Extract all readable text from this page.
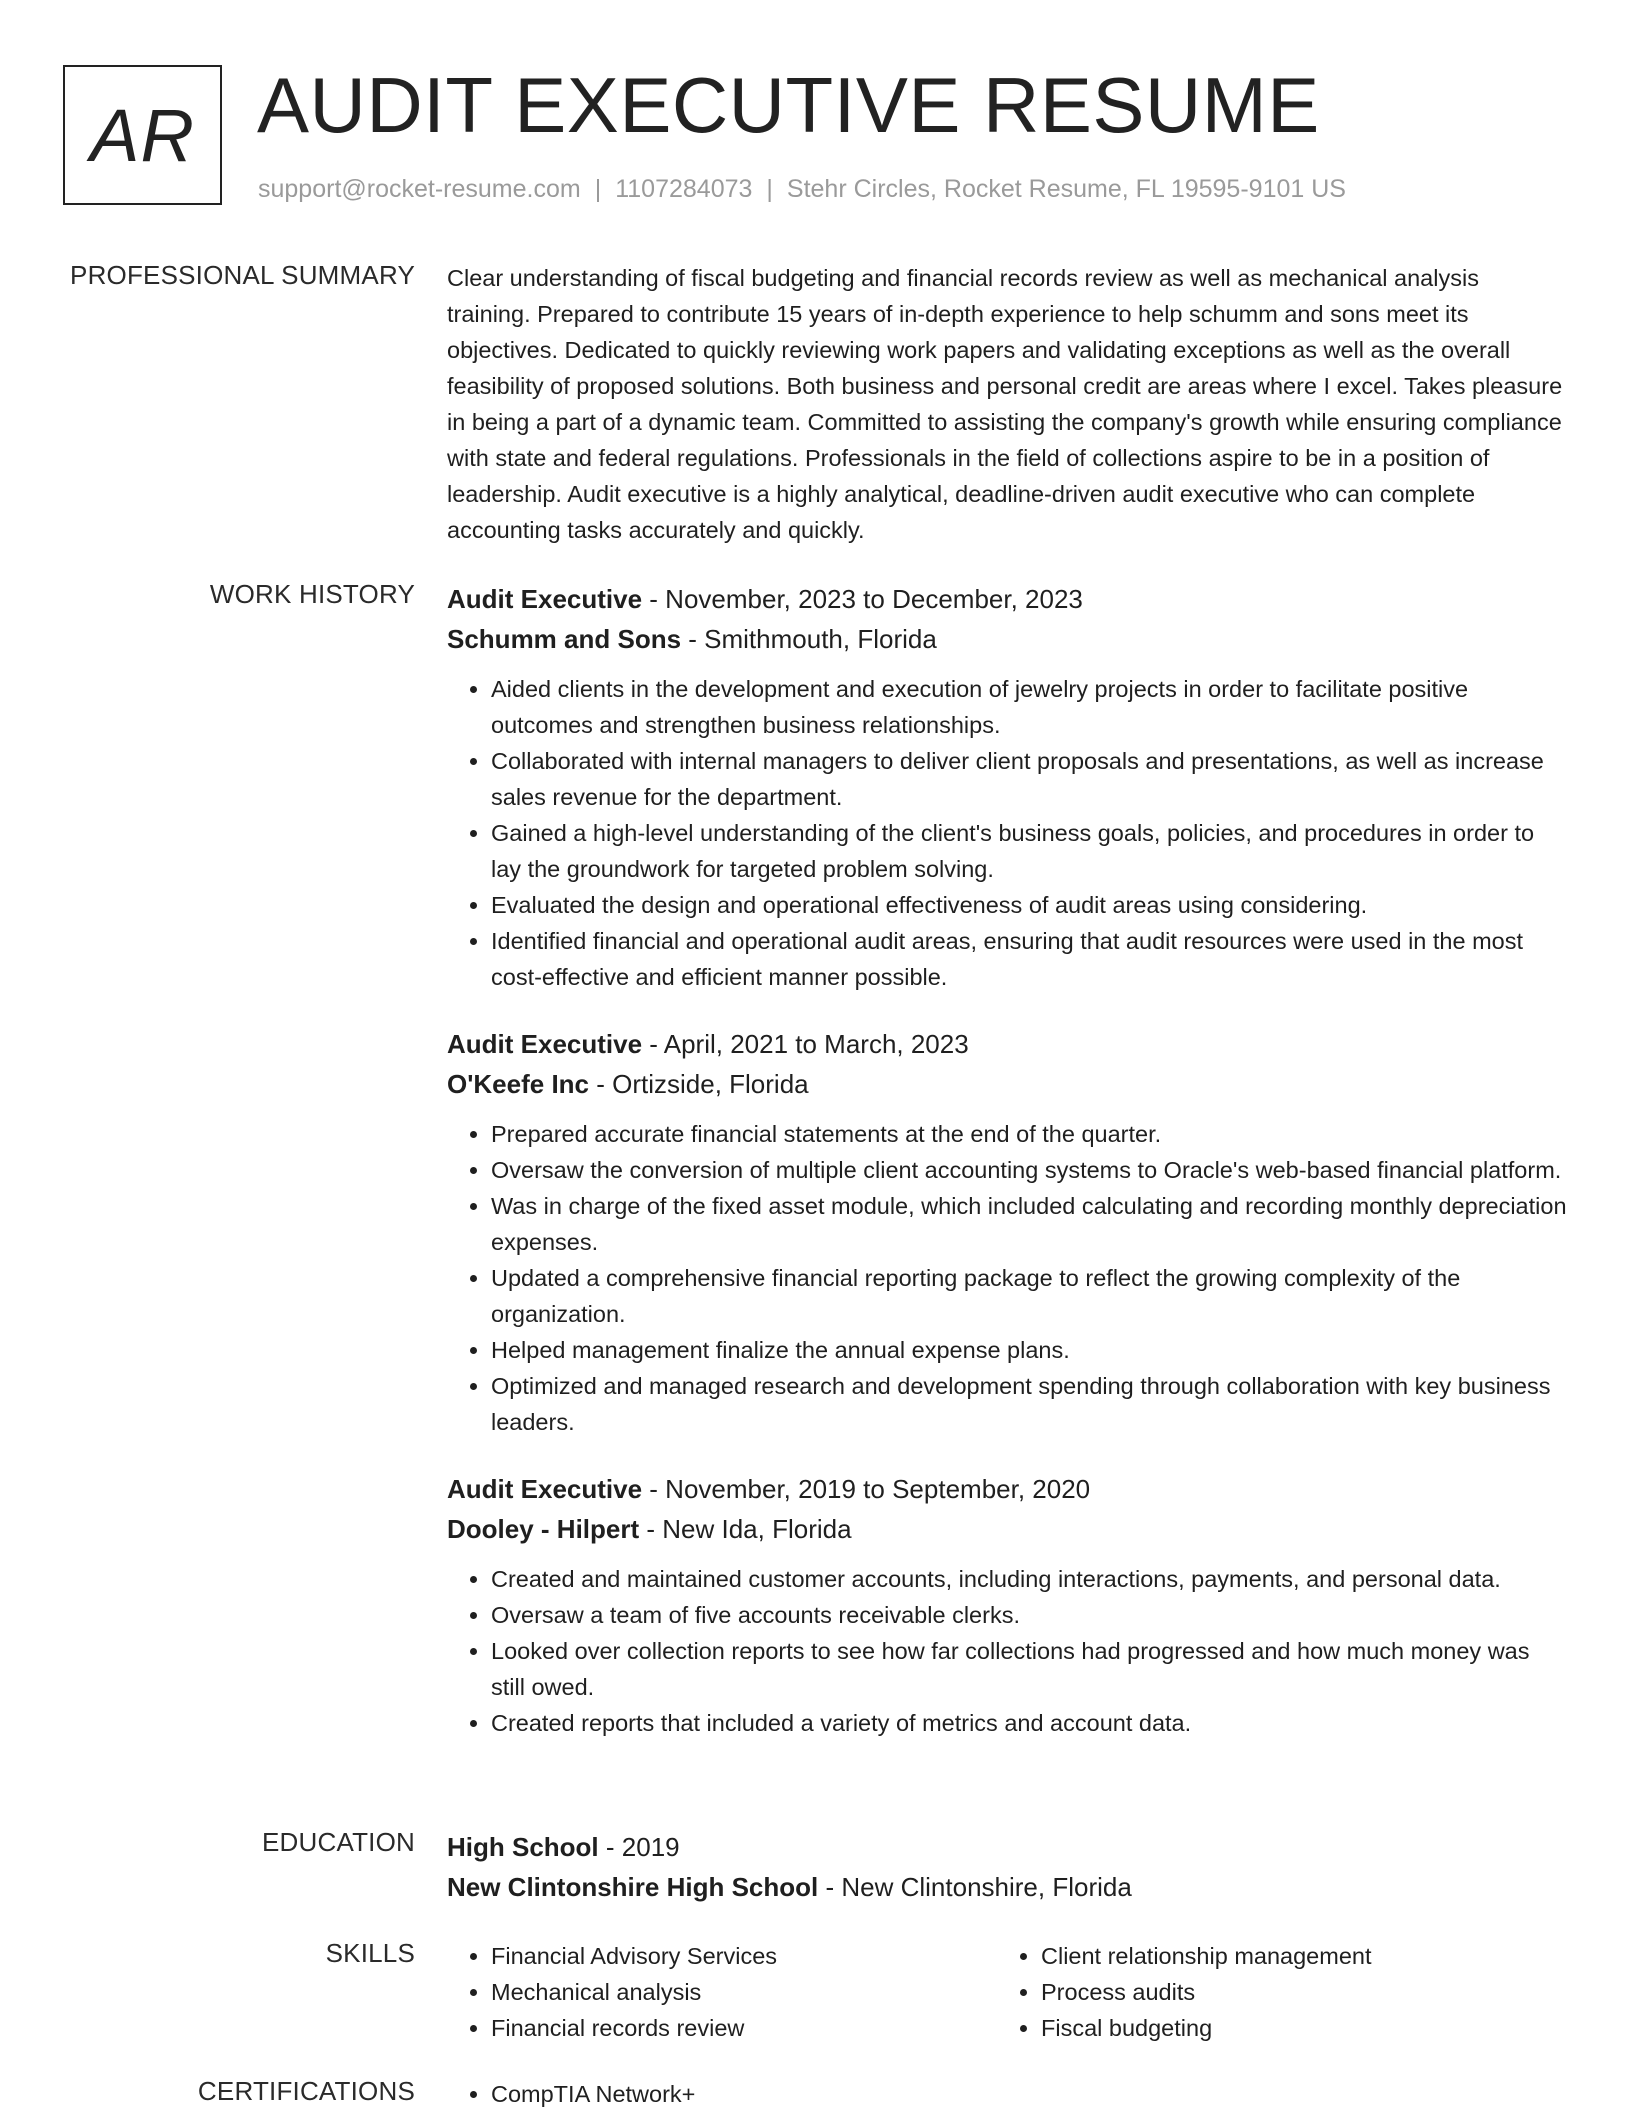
AR AUDIT EXECUTIVE RESUME
support@rocket-resume.com | 1107284073 | Stehr Circles, Rocket Resume, FL 19595-9101 US
PROFESSIONAL SUMMARY Clear understanding of fiscal budgeting and financial records review as well as mechanical analysis training. Prepared to contribute 15 years of in-depth experience to help schumm and sons meet its objectives. Dedicated to quickly reviewing work papers and validating exceptions as well as the overall feasibility of proposed solutions. Both business and personal credit are areas where I excel. Takes pleasure in being a part of a dynamic team. Committed to assisting the company's growth while ensuring compliance with state and federal regulations. Professionals in the field of collections aspire to be in a position of leadership. Audit executive is a highly analytical, deadline-driven audit executive who can complete accounting tasks accurately and quickly.

WORK HISTORY Audit Executive - November, 2023 to December, 2023
Schumm and Sons - Smithmouth, Florida
• Aided clients in the development and execution of jewelry projects in order to facilitate positive outcomes and strengthen business relationships.
• Collaborated with internal managers to deliver client proposals and presentations, as well as increase sales revenue for the department.
• Gained a high-level understanding of the client's business goals, policies, and procedures in order to lay the groundwork for targeted problem solving.
• Evaluated the design and operational effectiveness of audit areas using considering.
• Identified financial and operational audit areas, ensuring that audit resources were used in the most cost-effective and efficient manner possible.
Audit Executive - April, 2021 to March, 2023
O'Keefe Inc - Ortizside, Florida
• Prepared accurate financial statements at the end of the quarter.
• Oversaw the conversion of multiple client accounting systems to Oracle's web-based financial platform.
• Was in charge of the fixed asset module, which included calculating and recording monthly depreciation expenses.
• Updated a comprehensive financial reporting package to reflect the growing complexity of the organization.
• Helped management finalize the annual expense plans.
• Optimized and managed research and development spending through collaboration with key business leaders.
Audit Executive - November, 2019 to September, 2020
Dooley - Hilpert - New Ida, Florida
• Created and maintained customer accounts, including interactions, payments, and personal data.
• Oversaw a team of five accounts receivable clerks.
• Looked over collection reports to see how far collections had progressed and how much money was still owed.
• Created reports that included a variety of metrics and account data.
EDUCATION High School - 2019
New Clintonshire High School - New Clintonshire, Florida
SKILLS	• Financial Advisory Services
• Mechanical analysis
• Financial records review
• Client relationship management
• Process audits
• Fiscal budgeting
CERTIFICATIONS	• CompTIA Network+
